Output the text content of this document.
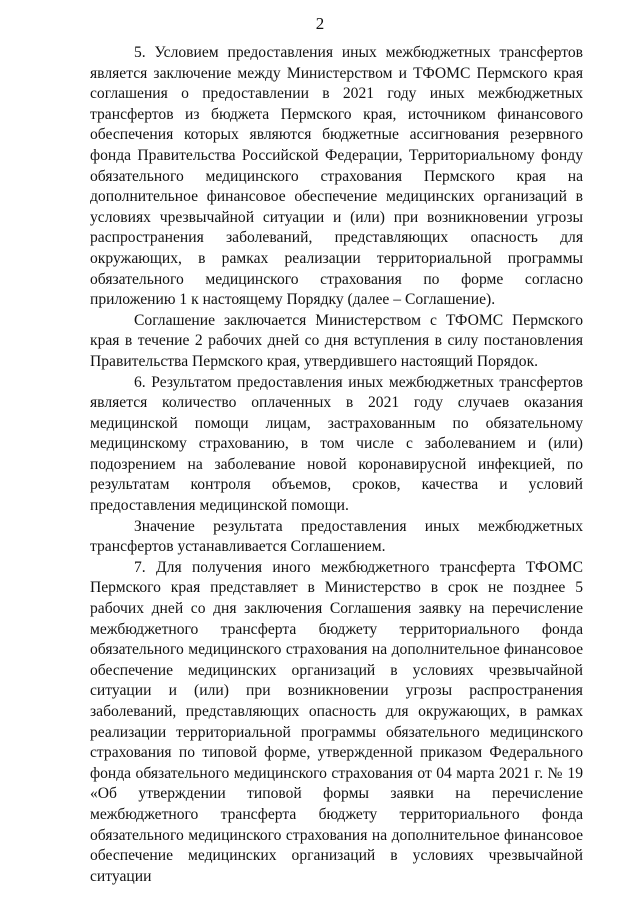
2

5. Условием предоставления иных межбюджетных трансфертов является заключение между Министерством и ТФОМС Пермского края соглашения о предоставлении в 2021 году иных межбюджетных трансфертов из бюджета Пермского края, источником финансового обеспечения которых являются бюджетные ассигнования резервного фонда Правительства Российской Федерации, Территориальному фонду обязательного медицинского страхования Пермского края на дополнительное финансовое обеспечение медицинских организаций в условиях чрезвычайной ситуации и (или) при возникновении угрозы распространения заболеваний, представляющих опасность для окружающих, в рамках реализации территориальной программы обязательного медицинского страхования по форме согласно приложению 1 к настоящему Порядку (далее – Соглашение).

Соглашение заключается Министерством с ТФОМС Пермского края в течение 2 рабочих дней со дня вступления в силу постановления Правительства Пермского края, утвердившего настоящий Порядок.

6. Результатом предоставления иных межбюджетных трансфертов является количество оплаченных в 2021 году случаев оказания медицинской помощи лицам, застрахованным по обязательному медицинскому страхованию, в том числе с заболеванием и (или) подозрением на заболевание новой коронавирусной инфекцией, по результатам контроля объемов, сроков, качества и условий предоставления медицинской помощи.

Значение результата предоставления иных межбюджетных трансфертов устанавливается Соглашением.

7. Для получения иного межбюджетного трансферта ТФОМС Пермского края представляет в Министерство в срок не позднее 5 рабочих дней со дня заключения Соглашения заявку на перечисление межбюджетного трансферта бюджету территориального фонда обязательного медицинского страхования на дополнительное финансовое обеспечение медицинских организаций в условиях чрезвычайной ситуации и (или) при возникновении угрозы распространения заболеваний, представляющих опасность для окружающих, в рамках реализации территориальной программы обязательного медицинского страхования по типовой форме, утвержденной приказом Федерального фонда обязательного медицинского страхования от 04 марта 2021 г. № 19 «Об утверждении типовой формы заявки на перечисление межбюджетного трансферта бюджету территориального фонда обязательного медицинского страхования на дополнительное финансовое обеспечение медицинских организаций в условиях чрезвычайной ситуации
